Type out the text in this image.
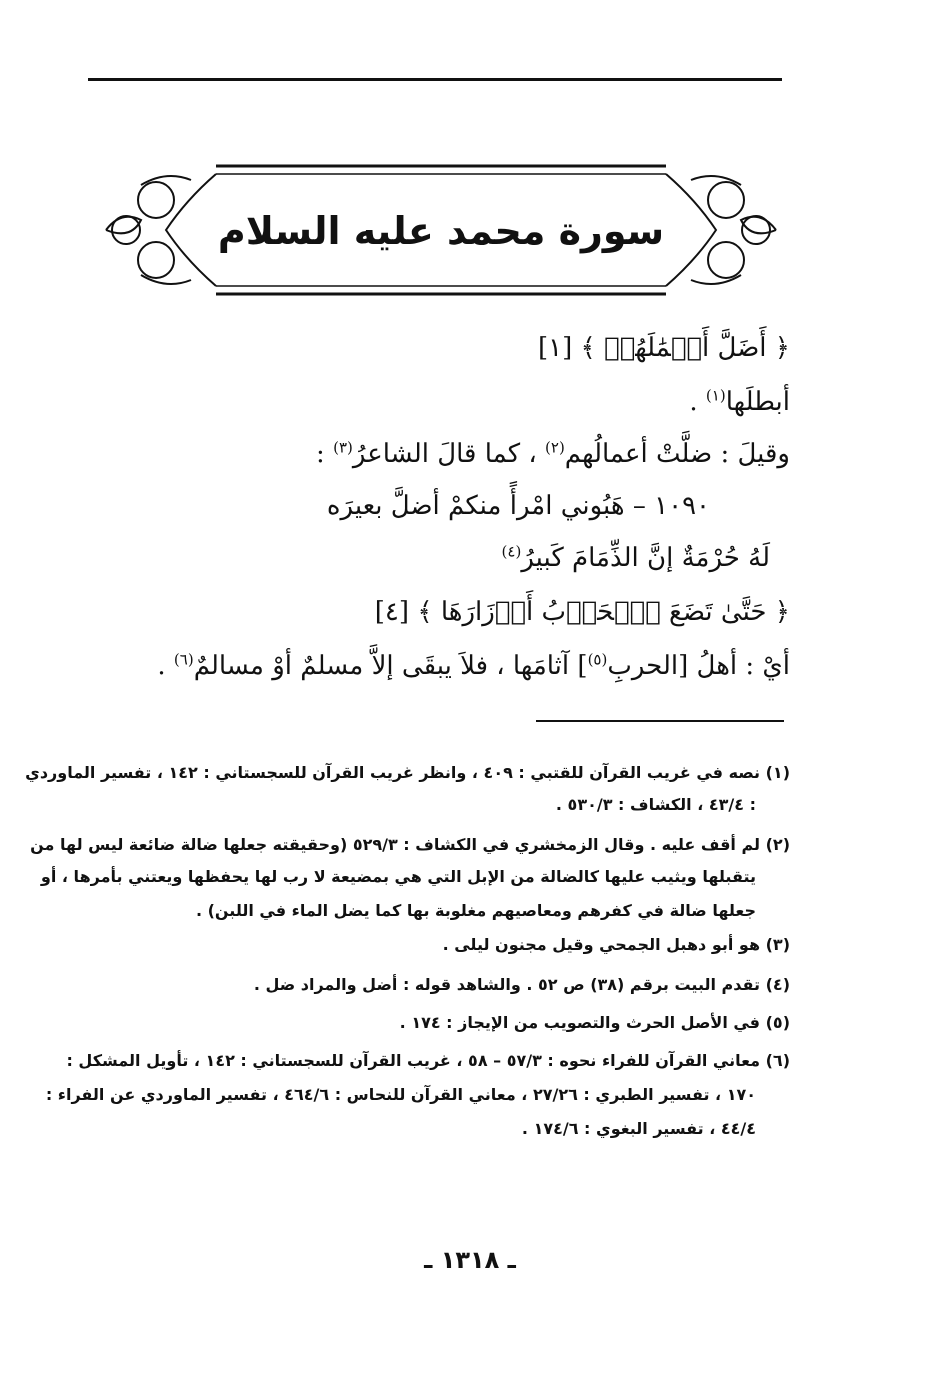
سورة محمد عليه السلام
﴿ أَضَلَّ أَعۡمَٰلَهُمۡ ﴾ [١]
أبطلَها$^{(١)}$ .
وقيلَ : ضلَّتْ أعمالُهم$^{(٢)}$ ، كما قالَ الشاعرُ$^{(٣)}$ :
١٠٩٠ – هَبُوني امْرأً منكمْ أضلَّ بعيرَه
لَهُ حُرْمَةٌ إنَّ الذِّمَامَ كَبيرُ$^{(٤)}$
﴿ حَتَّىٰ تَضَعَ ٱلۡحَرۡبُ أَوۡزَارَهَا ﴾ [٤]
أيْ : أهلُ [الحربِ$^{(٥)}$] آثامَها ، فلاَ يبقَى إلاَّ مسلمٌ أوْ مسالمٌ$^{(٦)}$ .
(١) نصه في غريب القرآن للقتبي : ٤٠٩ ، وانظر غريب القرآن للسجستاني : ١٤٢ ، تفسير الماوردي
: ٤٣/٤ ، الكشاف : ٥٣٠/٣ .
(٢) لم أقف عليه . وقال الزمخشري في الكشاف : ٥٢٩/٣ (وحقيقته جعلها ضالة ضائعة ليس لها من
يتقبلها ويثيب عليها كالضالة من الإبل التي هي بمضيعة لا رب لها يحفظها ويعتني بأمرها ، أو
جعلها ضالة في كفرهم ومعاصيهم مغلوبة بها كما يضل الماء في اللبن) .
(٣) هو أبو دهبل الجمحي وقيل مجنون ليلى .
(٤) تقدم البيت برقم (٣٨) ص ٥٢ . والشاهد قوله : أضل والمراد ضل .
(٥) في الأصل الحرث والتصويب من الإيجاز : ١٧٤ .
(٦) معاني القرآن للفراء نحوه : ٥٧/٣ – ٥٨ ، غريب القرآن للسجستاني : ١٤٢ ، تأويل المشكل :
١٧٠ ، تفسير الطبري : ٢٧/٢٦ ، معاني القرآن للنحاس : ٤٦٤/٦ ، تفسير الماوردي عن الفراء :
٤٤/٤ ، تفسير البغوي : ١٧٤/٦ .
ـ ١٣١٨ ـ
